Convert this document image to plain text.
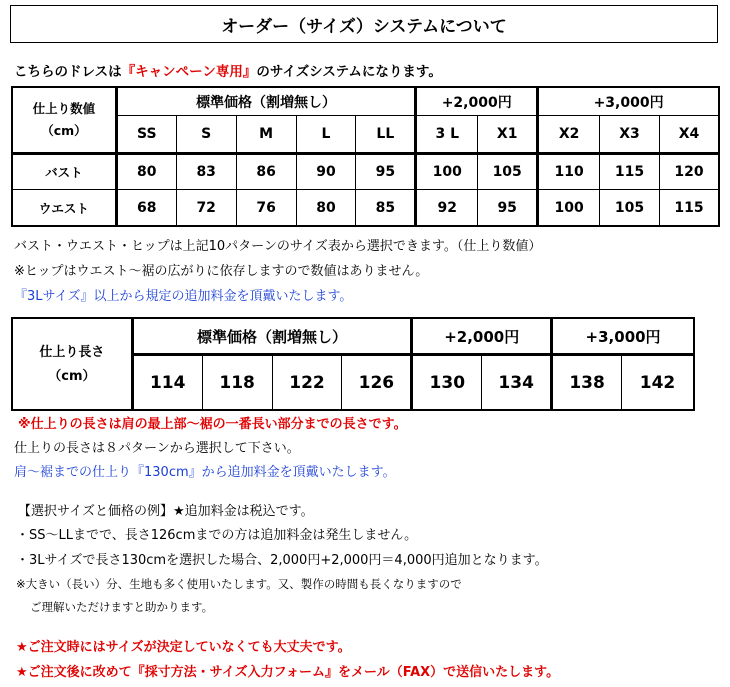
オーダー（サイズ）システムについて
こちらのドレスは『キャンペーン専用』のサイズシステムになります。
仕上り数値
（cm）	標準価格（割増無し）					+2,000円		+3,000円		
	SS	S	M	L	LL	3 L	X1	X2	X3	X4
バスト	80	83	86	90	95	100	105	110	115	120
ウエスト	68	72	76	80	85	92	95	100	105	115
バスト・ウエスト・ヒップは上記10パターンのサイズ表から選択できます。（仕上り数値）
※ヒップはウエスト～裾の広がりに依存しますので数値はありません。
『3Lサイズ』以上から規定の追加料金を頂戴いたします。
仕上り長さ
（cm）	標準価格（割増無し）				+2,000円		+3,000円	
	114	118	122	126	130	134	138	142
※仕上りの長さは肩の最上部～裾の一番長い部分までの長さです。
仕上りの長さは８パターンから選択して下さい。
肩～裾までの仕上り『130cm』から追加料金を頂戴いたします。
【選択サイズと価格の例】★追加料金は税込です。
・SS～LLまでで、長さ126cmまでの方は追加料金は発生しません。
・3Lサイズで長さ130cmを選択した場合、2,000円+2,000円＝4,000円追加となります。
※大きい（長い）分、生地も多く使用いたします。又、製作の時間も長くなりますので
ご理解いただけますと助かります。
★ご注文時にはサイズが決定していなくても大丈夫です。
★ご注文後に改めて『採寸方法・サイズ入力フォーム』をメール（FAX）で送信いたします。
